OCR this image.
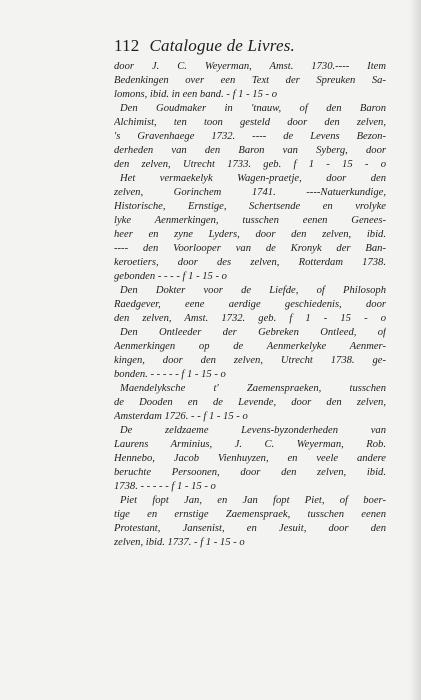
112 Catalogue de Livres.
door J. C. Weyerman, Amst. 1730.---- Item
Bedenkingen over een Text der Spreuken Sa-
lomons, ibid. in een band. - f 1 - 15 - o
Den Goudmaker in 'tnauw, of den Baron
Alchimist, ten toon gesteld door den zelven,
's Gravenhaege 1732. ---- de Levens Bezon-
derheden van den Baron van Syberg, door
den zelven, Utrecht 1733. geb. f 1 - 15 - o
Het vermaekelyk Wagen-praetje, door den
zelven, Gorinchem 1741. ----Natuerkundige,
Historische, Ernstige, Schertsende en vrolyke
lyke Aenmerkingen, tusschen eenen Genees-
heer en zyne Lyders, door den zelven, ibid.
---- den Voorlooper van de Kronyk der Ban-
keroetiers, door des zelven, Rotterdam 1738.
gebonden - - - - f 1 - 15 - o
Den Dokter voor de Liefde, of Philosoph
Raedgever, eene aerdige geschiedenis, door
den zelven, Amst. 1732. geb. f 1 - 15 - o
Den Ontleeder der Gebreken Ontleed, of
Aenmerkingen op de Aenmerkelyke Aenmer-
kingen, door den zelven, Utrecht 1738. ge-
bonden. - - - - - f 1 - 15 - o
Maendelyksche t' Zaemenspraeken, tusschen
de Dooden en de Levende, door den zelven,
Amsterdam 1726. - - f 1 - 15 - o
De zeldzaeme Levens-byzonderheden van
Laurens Arminius, J. C. Weyerman, Rob.
Hennebo, Jacob Vienhuyzen, en veele andere
beruchte Persoonen, door den zelven, ibid.
1738. - - - - - f 1 - 15 - o
Piet fopt Jan, en Jan fopt Piet, of boer-
tige en ernstige Zaemenspraek, tusschen eenen
Protestant, Jansenist, en Jesuit, door den
zelven, ibid. 1737. - f 1 - 15 - o
